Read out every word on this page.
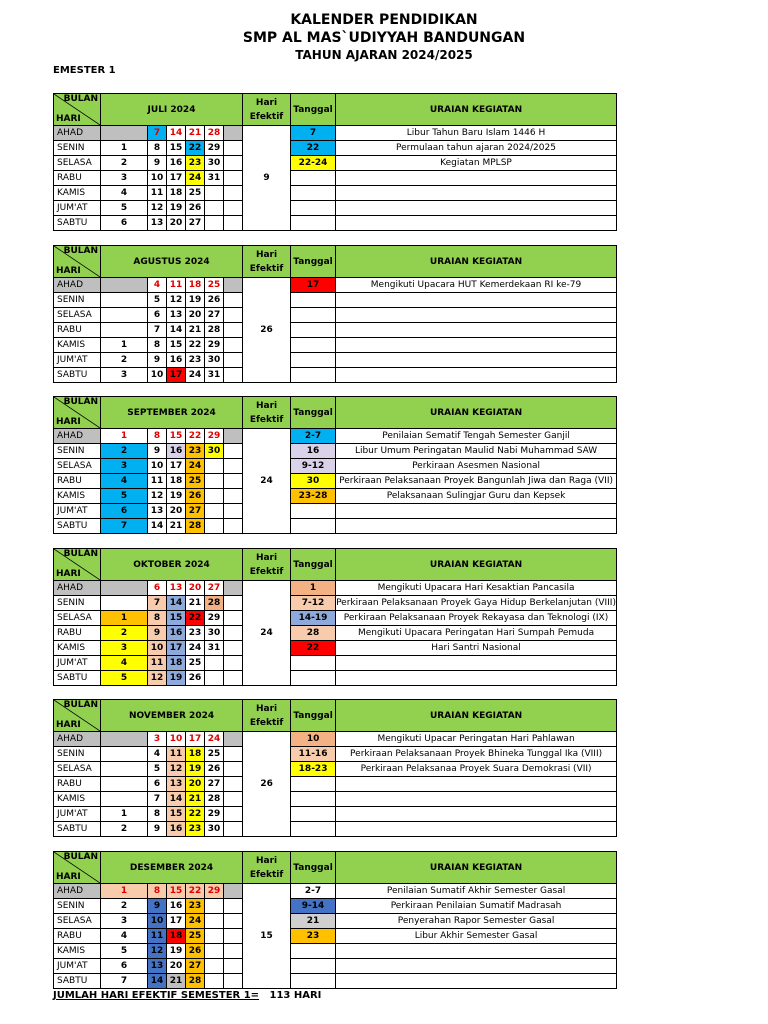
KALENDER PENDIDIKAN
SMP AL MAS`UDIYYAH BANDUNGAN
TAHUN AJARAN 2024/2025
EMESTER 1
BULAN
HARI	JULI 2024						Hari Efektif	Tanggal	URAIAN KEGIATAN
AHAD		7	14	21	28		9	7	Libur Tahun Baru Islam 1446 H
SENIN	1	8	15	22	29			22	Permulaan tahun ajaran 2024/2025
SELASA	2	9	16	23	30			22-24	Kegiatan MPLSP
RABU	3	10	17	24	31				
KAMIS	4	11	18	25					
JUM'AT	5	12	19	26					
SABTU	6	13	20	27					
BULAN
HARI	AGUSTUS 2024						Hari Efektif	Tanggal	URAIAN KEGIATAN
AHAD		4	11	18	25		26	17	Mengikuti Upacara HUT Kemerdekaan RI ke-79
SENIN		5	12	19	26				
SELASA		6	13	20	27				
RABU		7	14	21	28				
KAMIS	1	8	15	22	29				
JUM'AT	2	9	16	23	30				
SABTU	3	10	17	24	31				
BULAN
HARI	SEPTEMBER 2024						Hari Efektif	Tanggal	URAIAN KEGIATAN
AHAD	1	8	15	22	29		24	2-7	Penilaian Sematif Tengah Semester Ganjil
SENIN	2	9	16	23	30			16	Libur Umum Peringatan Maulid Nabi Muhammad SAW
SELASA	3	10	17	24				9-12	Perkiraan Asesmen Nasional
RABU	4	11	18	25				30	Perkiraan Pelaksanaan Proyek Bangunlah Jiwa dan Raga (VII)
KAMIS	5	12	19	26				23-28	Pelaksanaan Sulingjar Guru dan Kepsek
JUM'AT	6	13	20	27					
SABTU	7	14	21	28					
BULAN
HARI	OKTOBER 2024						Hari Efektif	Tanggal	URAIAN KEGIATAN
AHAD		6	13	20	27		24	1	Mengikuti Upacara Hari Kesaktian Pancasila
SENIN		7	14	21	28			7-12	Perkiraan Pelaksanaan Proyek Gaya Hidup Berkelanjutan (VIII)
SELASA	1	8	15	22	29			14-19	Perkiraan Pelaksanaan Proyek Rekayasa dan Teknologi (IX)
RABU	2	9	16	23	30			28	Mengikuti Upacara Peringatan Hari Sumpah Pemuda
KAMIS	3	10	17	24	31			22	Hari Santri Nasional
JUM'AT	4	11	18	25					
SABTU	5	12	19	26					
BULAN
HARI	NOVEMBER 2024						Hari Efektif	Tanggal	URAIAN KEGIATAN
AHAD		3	10	17	24		26	10	Mengikuti Upacar Peringatan Hari Pahlawan
SENIN		4	11	18	25			11-16	Perkiraan Pelaksanaan Proyek Bhineka Tunggal Ika (VIII)
SELASA		5	12	19	26			18-23	Perkiraan Pelaksanaa Proyek Suara Demokrasi (VII)
RABU		6	13	20	27				
KAMIS		7	14	21	28				
JUM'AT	1	8	15	22	29				
SABTU	2	9	16	23	30				
BULAN
HARI	DESEMBER 2024						Hari Efektif	Tanggal	URAIAN KEGIATAN
AHAD	1	8	15	22	29		15	2-7	Penilaian Sumatif Akhir Semester Gasal
SENIN	2	9	16	23				9-14	Perkiraan Penilaian Sumatif Madrasah
SELASA	3	10	17	24				21	Penyerahan Rapor Semester Gasal
RABU	4	11	18	25				23	Libur Akhir Semester Gasal
KAMIS	5	12	19	26					
JUM'AT	6	13	20	27					
SABTU	7	14	21	28					
JUMLAH HARI EFEKTIF SEMESTER 1= 113 HARI
